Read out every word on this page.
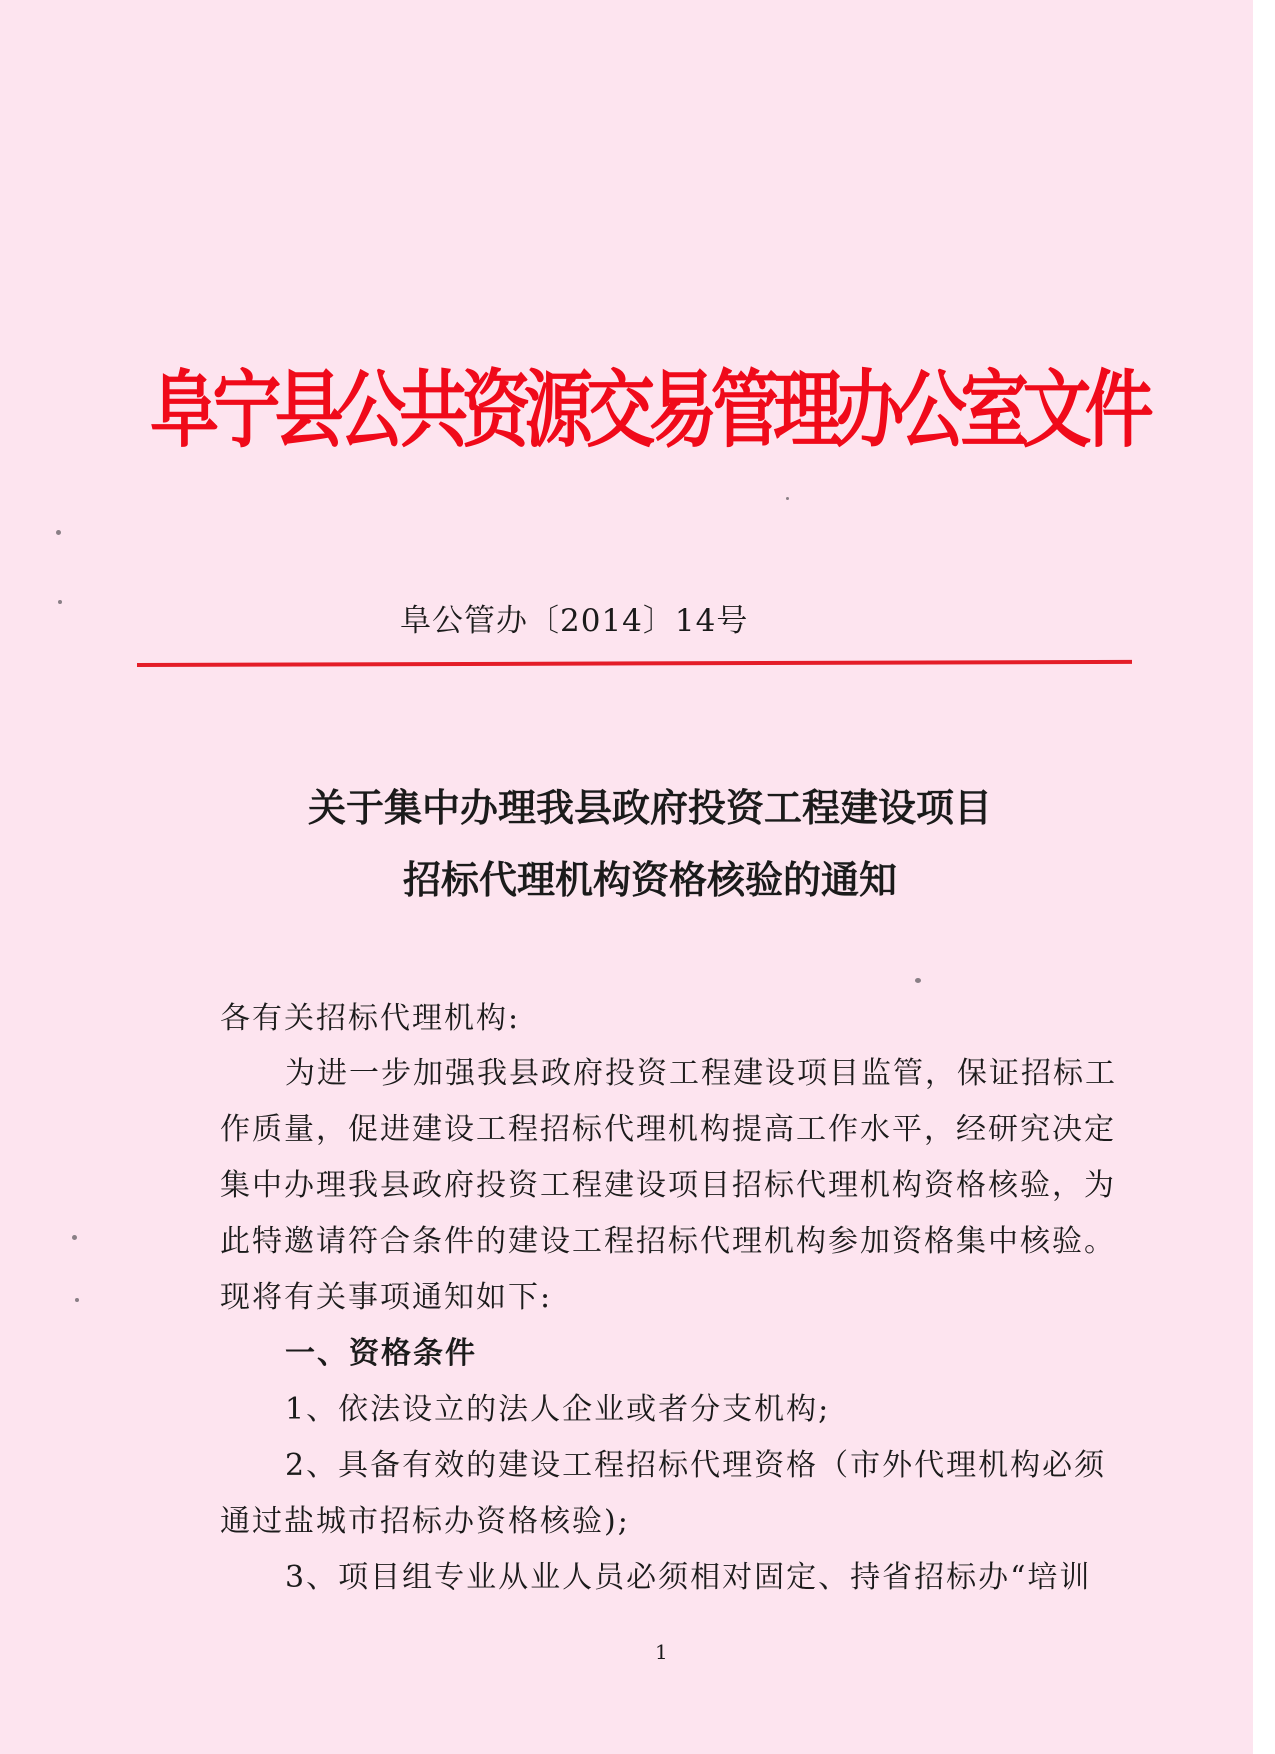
阜宁县公共资源交易管理办公室文件
阜公管办〔2014〕14号
关于集中办理我县政府投资工程建设项目
招标代理机构资格核验的通知
各有关招标代理机构:
为进一步加强我县政府投资工程建设项目监管，保证招标工
作质量，促进建设工程招标代理机构提高工作水平，经研究决定
集中办理我县政府投资工程建设项目招标代理机构资格核验，为
此特邀请符合条件的建设工程招标代理机构参加资格集中核验。
现将有关事项通知如下:
一、资格条件
1、依法设立的法人企业或者分支机构;
2、具备有效的建设工程招标代理资格（市外代理机构必须
通过盐城市招标办资格核验);
3、项目组专业从业人员必须相对固定、持省招标办“培训
1
